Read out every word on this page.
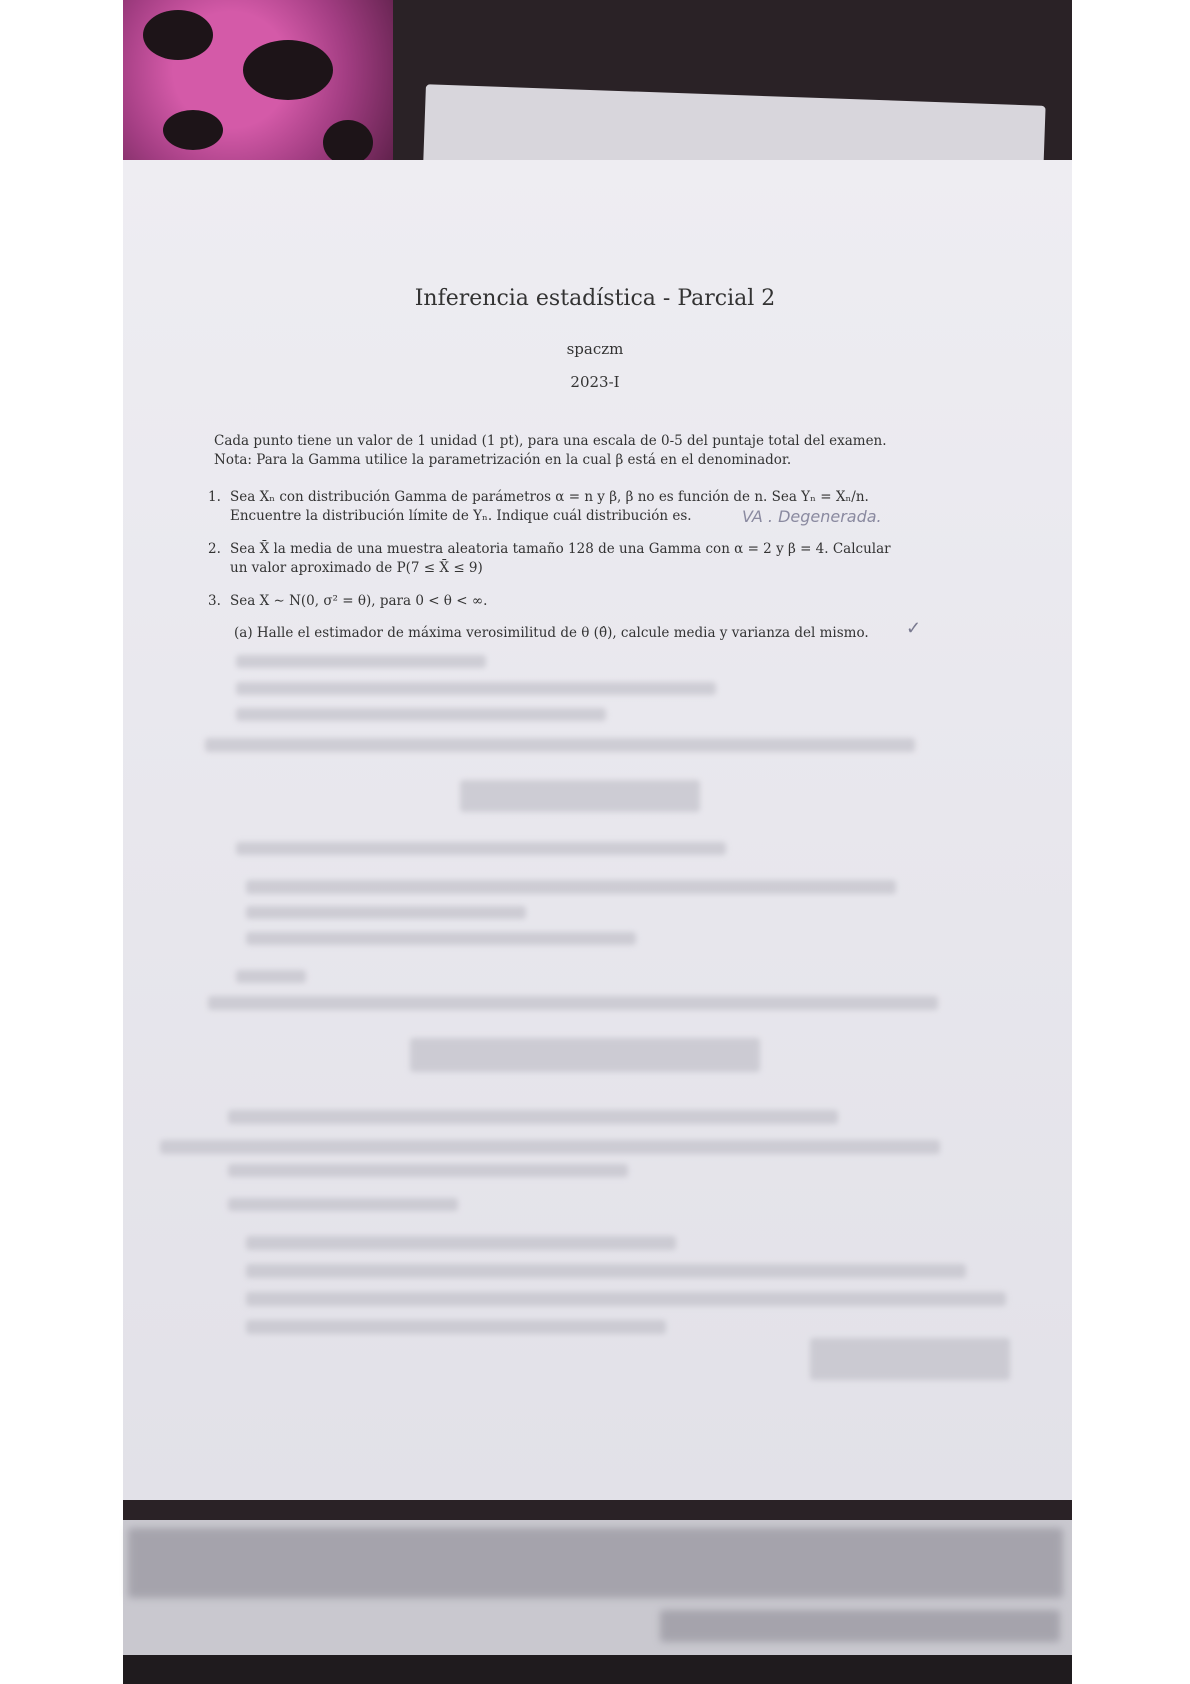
Inferencia estadística - Parcial 2
spaczm
2023-I
Cada punto tiene un valor de 1 unidad (1 pt), para una escala de 0-5 del puntaje total del examen.
Nota: Para la Gamma utilice la parametrización en la cual β está en el denominador.
1. Sea Xₙ con distribución Gamma de parámetros α = n y β, β no es función de n. Sea Yₙ = Xₙ/n.
Encuentre la distribución límite de Yₙ. Indique cuál distribución es.	VA . Degenerada.
2. Sea X̄ la media de una muestra aleatoria tamaño 128 de una Gamma con α = 2 y β = 4. Calcular
un valor aproximado de P(7 ≤ X̄ ≤ 9)
3. Sea X ∼ N(0, σ² = θ), para 0 < θ < ∞.
(a) Halle el estimador de máxima verosimilitud de θ (θ̂), calcule media y varianza del mismo.	✓
